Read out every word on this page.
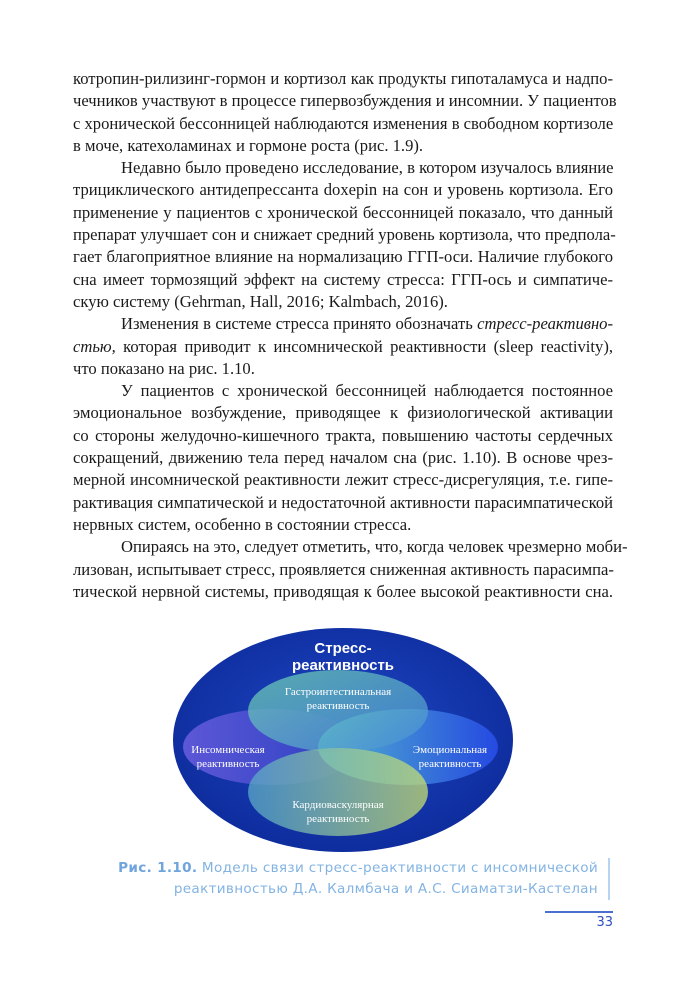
котропин-рилизинг-гормон и кортизол как продукты гипоталамуса и надпо-
чечников участвуют в процессе гипервозбуждения и инсомнии. У пациентов
с хронической бессонницей наблюдаются изменения в свободном кортизоле
в моче, катехоламинах и гормоне роста (рис. 1.9).
Недавно было проведено исследование, в котором изучалось влияние
трициклического антидепрессанта doxepin на сон и уровень кортизола. Его
применение у пациентов с хронической бессонницей показало, что данный
препарат улучшает сон и снижает средний уровень кортизола, что предпола-
гает благоприятное влияние на нормализацию ГГП-оси. Наличие глубокого
сна имеет тормозящий эффект на систему стресса: ГГП-ось и симпатиче-
скую систему (Gehrman, Hall, 2016; Kalmbach, 2016).
Изменения в системе стресса принято обозначать стресс-реактивно-
стью, которая приводит к инсомнической реактивности (sleep reactivity),
что показано на рис. 1.10.
У пациентов с хронической бессонницей наблюдается постоянное
эмоциональное возбуждение, приводящее к физиологической активации
со стороны желудочно-кишечного тракта, повышению частоты сердечных
сокращений, движению тела перед началом сна (рис. 1.10). В основе чрез-
мерной инсомнической реактивности лежит стресс-дисрегуляция, т.е. гипе-
рактивация симпатической и недостаточной активности парасимпатической
нервных систем, особенно в состоянии стресса.
Опираясь на это, следует отметить, что, когда человек чрезмерно моби-
лизован, испытывает стресс, проявляется сниженная активность парасимпа-
тической нервной системы, приводящая к более высокой реактивности сна.
Стресс-
реактивность
Гастроинтестинальная
реактивность
Инсомническая
реактивность
Эмоциональная
реактивность
Кардиоваскулярная
реактивность
Рис. 1.10. Модель связи стресс-реактивности с инсомнической
реактивностью Д.А. Калмбача и А.С. Сиаматзи-Кастелан
33
